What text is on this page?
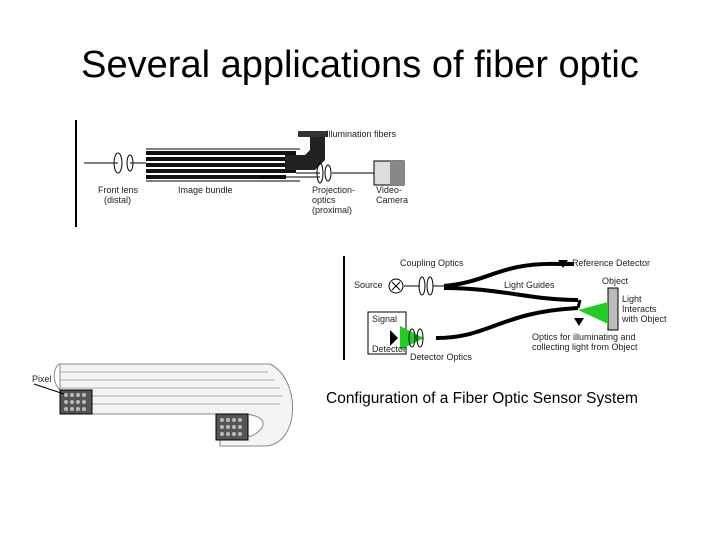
Several applications of fiber optic
Illumination fibers
Front lens
(distal)
Image bundle	Projection-
optics
(proximal)
Video-
Camera
Coupling Optics	Reference Detector
Source	Light Guides	Object
Light
Interacts
with Object
Signal
Detector
Optics for illuminating and
collecting light from Object
Detector Optics
Pixel
Configuration of a Fiber Optic Sensor System
